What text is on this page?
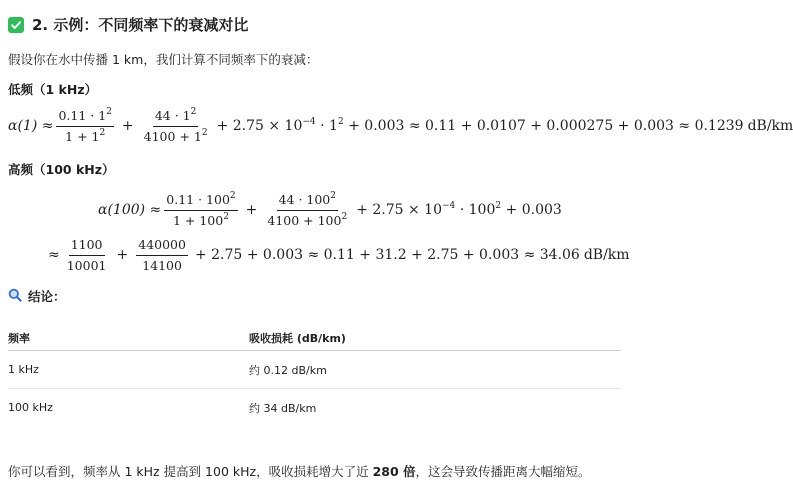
2. 示例：不同频率下的衰减对比
假设你在水中传播 1 km，我们计算不同频率下的衰减：
低频（1 kHz）
$\alpha(1) \approx \frac{0.11 \cdot 1^2}{1 + 1^2} + \frac{44 \cdot 1^2}{4100 + 1^2} + 2.75 \times 10^{-4} \cdot 1^2 + 0.003 \approx 0.11 + 0.0107 + 0.000275 + 0.003 \approx 0.1239$ dB/km
高频（100 kHz）
$\alpha(100) \approx \frac{0.11 \cdot 100^2}{1 + 100^2} + \frac{44 \cdot 100^2}{4100 + 100^2} + 2.75 \times 10^{-4} \cdot 100^2 + 0.003$
≈ $\frac{1100}{10001} + \frac{440000}{14100} + 2.75 + 0.003 \approx 0.11 + 31.2 + 2.75 + 0.003 \approx 34.06$ dB/km
结论：
频率	吸收损耗 (dB/km)
1 kHz	约 0.12 dB/km
100 kHz	约 34 dB/km
你可以看到，频率从 1 kHz 提高到 100 kHz，吸收损耗增大了近 280 倍，这会导致传播距离大幅缩短。
